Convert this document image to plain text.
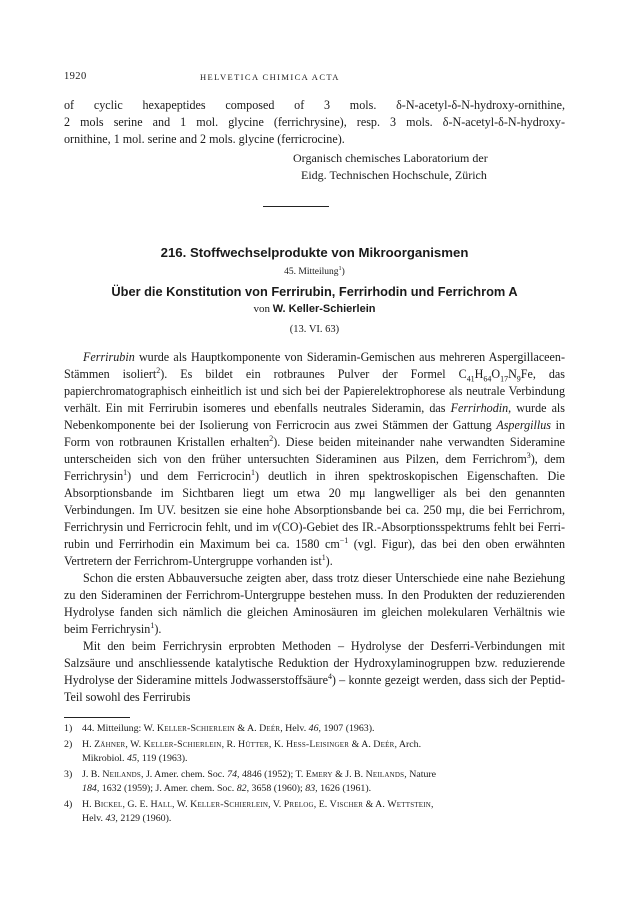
1920	HELVETICA CHIMICA ACTA
of cyclic hexapeptides composed of 3 mols. δ-N-acetyl-δ-N-hydroxy-ornithine,
2 mols serine and 1 mol. glycine (ferrichrysine), resp. 3 mols. δ-N-acetyl-δ-N-hydroxy-
ornithine, 1 mol. serine and 2 mols. glycine (ferricrocine).
Organisch chemisches Laboratorium der
Eidg. Technischen Hochschule, Zürich
216. Stoffwechselprodukte von Mikroorganismen
45. Mitteilung$^1$)
Über die Konstitution von Ferrirubin, Ferrirhodin und Ferrichrom A
von W. Keller-Schierlein
(13. VI. 63)

Ferrirubin wurde als Hauptkomponente von Sideramin-Gemischen aus mehreren Aspergillaceen-Stämmen isoliert$^2$). Es bildet ein rotbraunes Pulver der Formel $C_{41}H_{64}O_{17}N_9Fe$, das papierchromatographisch einheitlich ist und sich bei der Papierelektrophorese als neutrale Verbindung verhält. Ein mit Ferrirubin isomeres und ebenfalls neutrales Sideramin, das Ferrirhodin, wurde als Nebenkomponente bei der Isolierung von Ferricrocin aus zwei Stämmen der Gattung Aspergillus in Form von rotbraunen Kristallen erhalten$^2$). Diese beiden miteinander nahe verwandten Sideramine unterscheiden sich von den früher untersuchten Sideraminen aus Pilzen, dem Ferrichrom$^3$), dem Ferrichrysin$^1$) und dem Ferricrocin$^1$) deutlich in ihren spektroskopischen Eigenschaften. Die Absorptionsbande im Sichtbaren liegt um etwa 20 mμ langwelliger als bei den genannten Verbindungen. Im UV. besitzen sie eine hohe Absorptionsbande bei ca. 250 mμ, die bei Ferrichrom, Ferrichrysin und Ferricrocin fehlt, und im ν(CO)-Gebiet des IR.-Absorptionsspektrums fehlt bei Ferrirubin und Ferrirhodin ein Maximum bei ca. 1580 $cm^{-1}$ (vgl. Figur), das bei den oben erwähnten Vertretern der Ferrichrom-Untergruppe vorhanden ist$^1$).

Schon die ersten Abbauversuche zeigten aber, dass trotz dieser Unterschiede eine nahe Beziehung zu den Sideraminen der Ferrichrom-Untergruppe bestehen muss. In den Produkten der reduzierenden Hydrolyse fanden sich nämlich die gleichen Aminosäuren im gleichen molekularen Verhältnis wie beim Ferrichrysin$^1$).

Mit den beim Ferrichrysin erprobten Methoden – Hydrolyse der Desferri-Verbindungen mit Salzsäure und anschliessende katalytische Reduktion der Hydroxylaminogruppen bzw. reduzierende Hydrolyse der Sideramine mittels Jodwasserstoffsäure$^4$) – konnte gezeigt werden, dass sich der Peptid-Teil sowohl des Ferrirubis

1) 44. Mitteilung: W. Keller-Schierlein & A. Deér, Helv. 46, 1907 (1963).
2) H. Zähner, W. Keller-Schierlein, R. Hütter, K. Hess-Leisinger & A. Deér, Arch.
Mikrobiol. 45, 119 (1963).
3) J. B. Neilands, J. Amer. chem. Soc. 74, 4846 (1952); T. Emery & J. B. Neilands, Nature
184, 1632 (1959); J. Amer. chem. Soc. 82, 3658 (1960); 83, 1626 (1961).
4) H. Bickel, G. E. Hall, W. Keller-Schierlein, V. Prelog, E. Vischer & A. Wettstein,
Helv. 43, 2129 (1960).
